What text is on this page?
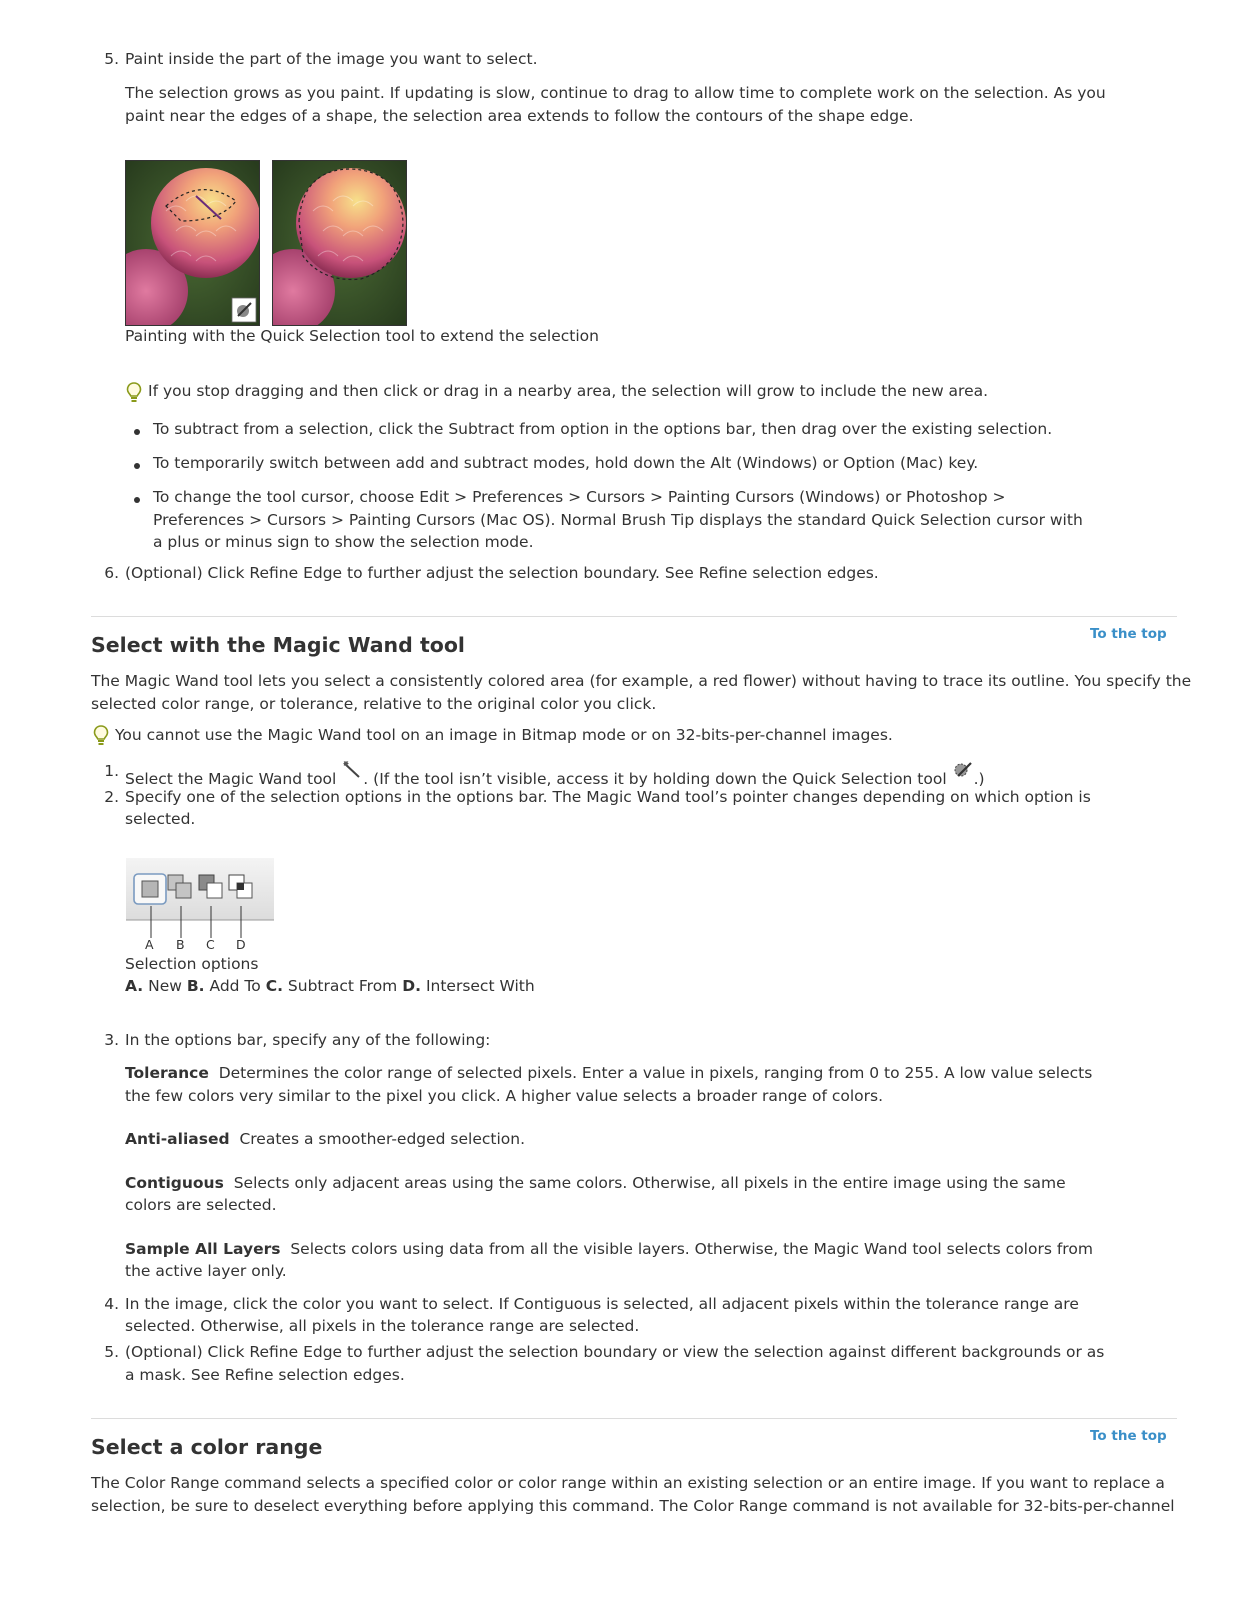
5. Paint inside the part of the image you want to select.
The selection grows as you paint. If updating is slow, continue to drag to allow time to complete work on the selection. As you
paint near the edges of a shape, the selection area extends to follow the contours of the shape edge.
Painting with the Quick Selection tool to extend the selection
If you stop dragging and then click or drag in a nearby area, the selection will grow to include the new area.
To subtract from a selection, click the Subtract from option in the options bar, then drag over the existing selection.
To temporarily switch between add and subtract modes, hold down the Alt (Windows) or Option (Mac) key.
To change the tool cursor, choose Edit > Preferences > Cursors > Painting Cursors (Windows) or Photoshop >
Preferences > Cursors > Painting Cursors (Mac OS). Normal Brush Tip displays the standard Quick Selection cursor with
a plus or minus sign to show the selection mode.
6. (Optional) Click Refine Edge to further adjust the selection boundary. See Refine selection edges.
To the top
Select with the Magic Wand tool
The Magic Wand tool lets you select a consistently colored area (for example, a red flower) without having to trace its outline. You specify the
selected color range, or tolerance, relative to the original color you click.
You cannot use the Magic Wand tool on an image in Bitmap mode or on 32-bits-per-channel images.
1. Select the Magic Wand tool . (If the tool isn’t visible, access it by holding down the Quick Selection tool .)
2. Specify one of the selection options in the options bar. The Magic Wand tool’s pointer changes depending on which option is
selected.
A B C D
Selection options
A. New B. Add To C. Subtract From D. Intersect With
3. In the options bar, specify any of the following:
Tolerance Determines the color range of selected pixels. Enter a value in pixels, ranging from 0 to 255. A low value selects
the few colors very similar to the pixel you click. A higher value selects a broader range of colors.
Anti-aliased Creates a smoother-edged selection.
Contiguous Selects only adjacent areas using the same colors. Otherwise, all pixels in the entire image using the same
colors are selected.
Sample All Layers Selects colors using data from all the visible layers. Otherwise, the Magic Wand tool selects colors from
the active layer only.
4. In the image, click the color you want to select. If Contiguous is selected, all adjacent pixels within the tolerance range are
selected. Otherwise, all pixels in the tolerance range are selected.
5. (Optional) Click Refine Edge to further adjust the selection boundary or view the selection against different backgrounds or as
a mask. See Refine selection edges.
To the top
Select a color range
The Color Range command selects a specified color or color range within an existing selection or an entire image. If you want to replace a
selection, be sure to deselect everything before applying this command. The Color Range command is not available for 32-bits-per-channel
